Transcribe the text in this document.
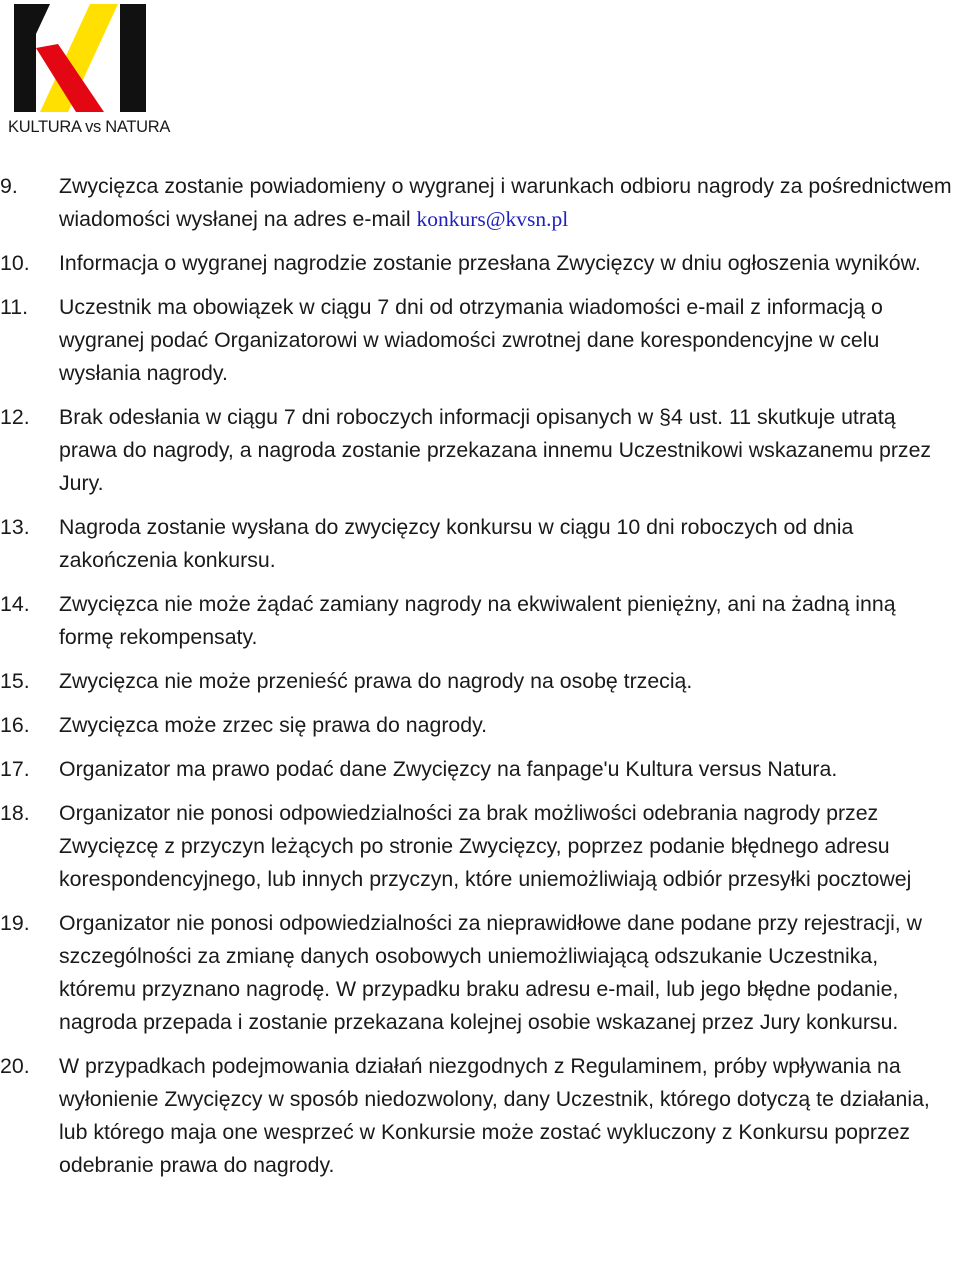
KULTURA vs NATURA
9.	Zwycięzca zostanie powiadomieny o wygranej i warunkach odbioru nagrody za pośrednictwem wiadomości wysłanej na adres e-mail konkurs@kvsn.pl
10.	Informacja o wygranej nagrodzie zostanie przesłana Zwycięzcy w dniu ogłoszenia wyników.
11.	Uczestnik ma obowiązek w ciągu 7 dni od otrzymania wiadomości e-mail z informacją o wygranej podać Organizatorowi w wiadomości zwrotnej dane korespondencyjne w celu wysłania nagrody.
12.	Brak odesłania w ciągu 7 dni roboczych informacji opisanych w §4 ust. 11 skutkuje utratą prawa do nagrody, a nagroda zostanie przekazana innemu Uczestnikowi wskazanemu przez Jury.
13.	Nagroda zostanie wysłana do zwycięzcy konkursu w ciągu 10 dni roboczych od dnia zakończenia konkursu.
14.	Zwycięzca nie może żądać zamiany nagrody na ekwiwalent pieniężny, ani na żadną inną formę rekompensaty.
15.	Zwycięzca nie może przenieść prawa do nagrody na osobę trzecią.
16.	Zwycięzca może zrzec się prawa do nagrody.
17.	Organizator ma prawo podać dane Zwycięzcy na fanpage'u Kultura versus Natura.
18.	Organizator nie ponosi odpowiedzialności za brak możliwości odebrania nagrody przez Zwycięzcę z przyczyn leżących po stronie Zwycięzcy, poprzez podanie błędnego adresu korespondencyjnego, lub innych przyczyn, które uniemożliwiają odbiór przesyłki pocztowej
19.	Organizator nie ponosi odpowiedzialności za nieprawidłowe dane podane przy rejestracji, w szczególności za zmianę danych osobowych uniemożliwiającą odszukanie Uczestnika, któremu przyznano nagrodę. W przypadku braku adresu e-mail, lub jego błędne podanie, nagroda przepada i zostanie przekazana kolejnej osobie wskazanej przez Jury konkursu.
20.	W przypadkach podejmowania działań niezgodnych z Regulaminem, próby wpływania na wyłonienie Zwycięzcy w sposób niedozwolony, dany Uczestnik, którego dotyczą te działania, lub którego maja one wesprzeć w Konkursie może zostać wykluczony z Konkursu poprzez odebranie prawa do nagrody.
